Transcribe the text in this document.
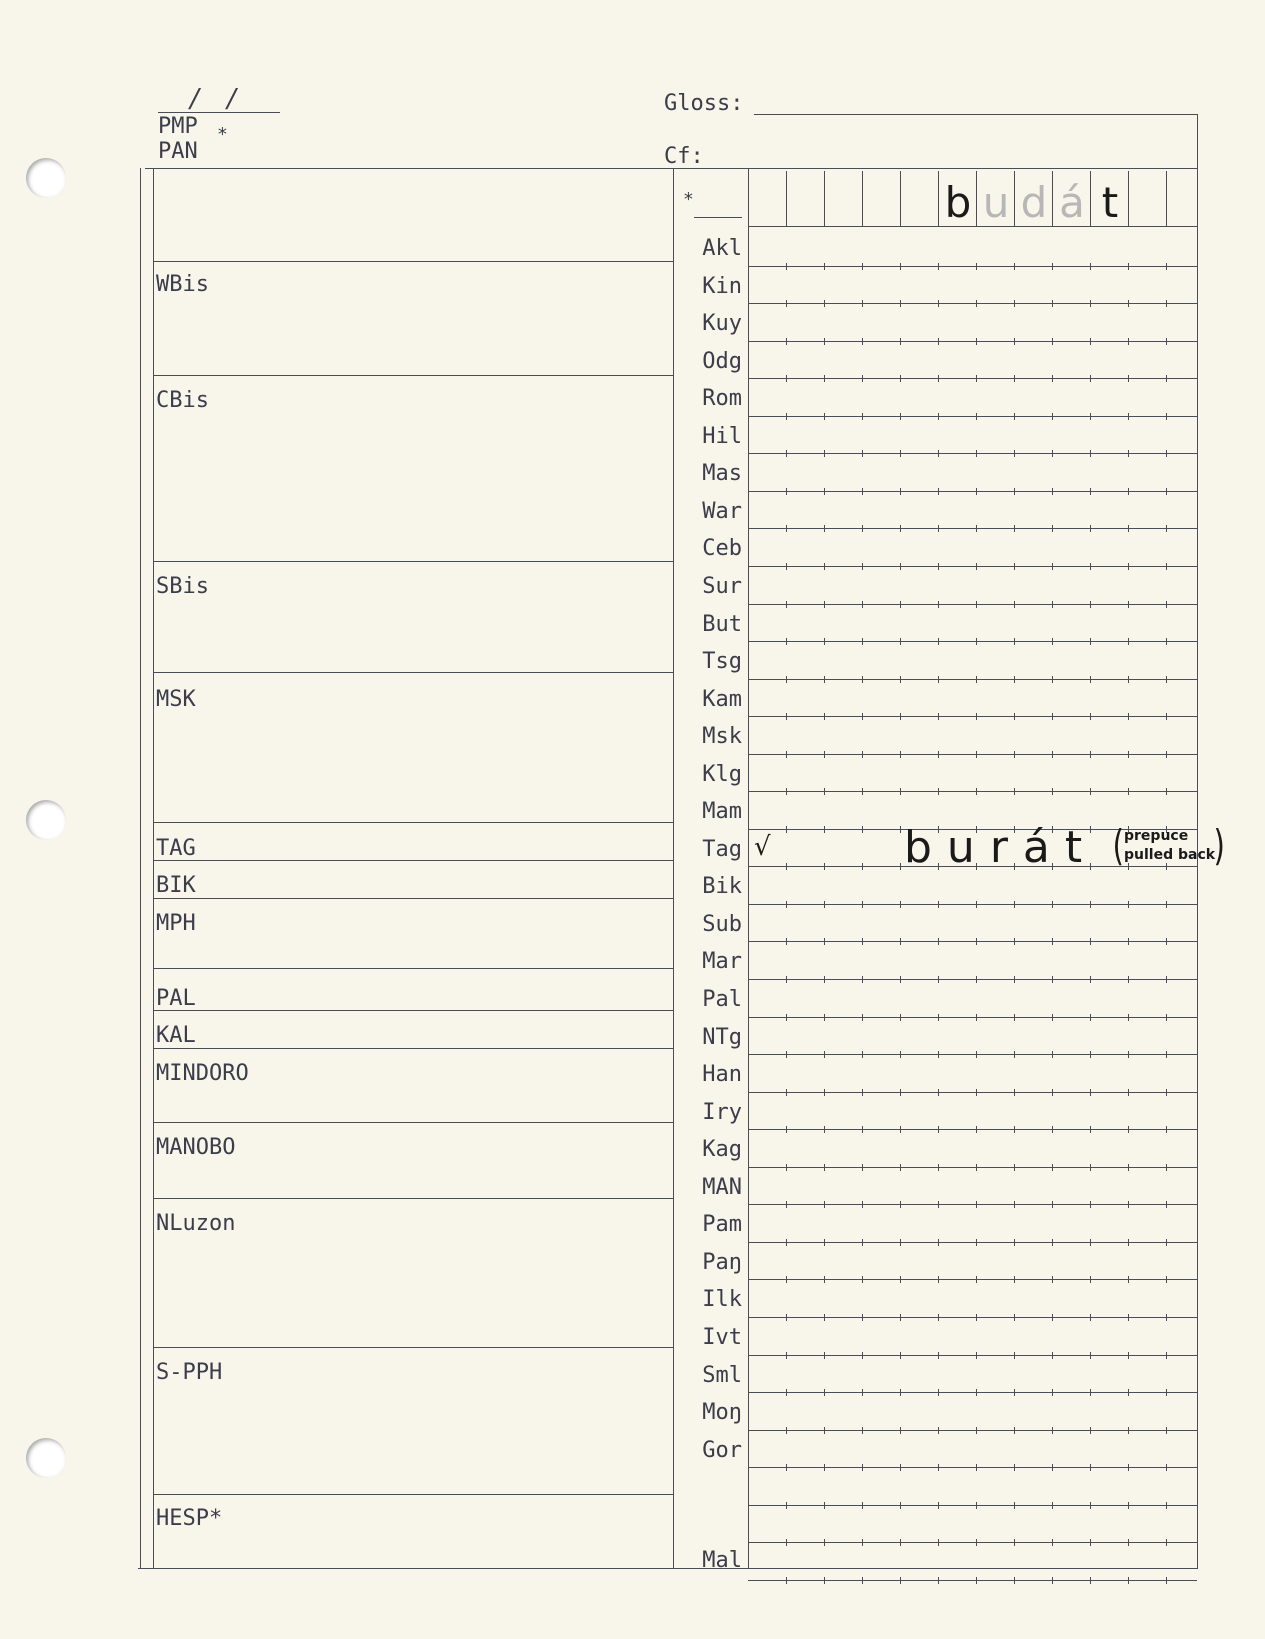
/ /
PMP *
PAN
Gloss:
Cf:
*	b u d á t
WBis
CBis
SBis
MSK
TAG
BIK
MPH
PAL
KAL
MINDORO
MANOBO
NLuzon
S-PPH
HESP*
Akl
Kin
Kuy
Odg
Rom
Hil
Mas
War
Ceb
Sur
But
Tsg
Kam
Msk
Klg
Mam
Tag
Bik
Sub
Mar
Pal
NTg
Han
Iry
Kag
MAN
Pam
Paŋ
Ilk
Ivt
Sml
Moŋ
Gor
Mal
√	burát ( prepuce
pulled back
)
